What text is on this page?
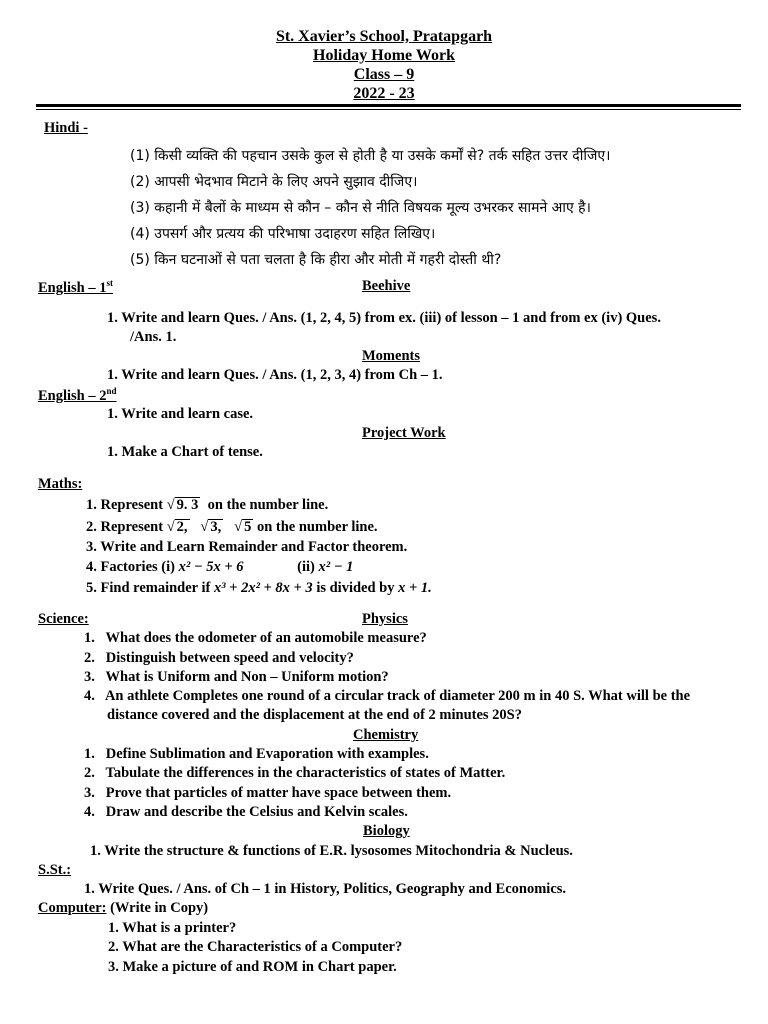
St. Xavier’s School, Pratapgarh
Holiday Home Work
Class – 9
2022 - 23
Hindi -
(1) किसी व्यक्ति की पहचान उसके कुल से होती है या उसके कर्मों से? तर्क सहित उत्तर दीजिए।
(2) आपसी भेदभाव मिटाने के लिए अपने सुझाव दीजिए।
(3) कहानी में बैलों के माध्यम से कौन – कौन से नीति विषयक मूल्य उभरकर सामने आए है।
(4) उपसर्ग और प्रत्यय की परिभाषा उदाहरण सहित लिखिए।
(5) किन घटनाओं से पता चलता है कि हीरा और मोती में गहरी दोस्ती थी?
English – 1st	Beehive
1. Write and learn Ques. / Ans. (1, 2, 4, 5) from ex. (iii) of lesson – 1 and from ex (iv) Ques.
/Ans. 1.
Moments
1. Write and learn Ques. / Ans. (1, 2, 3, 4) from Ch – 1.
English – 2nd
1. Write and learn case.
Project Work
1. Make a Chart of tense.
Maths:
1. Represent √ 9. 3 on the number line.
2. Represent √ 2,   √ 3,   √ 5 on the number line.
3. Write and Learn Remainder and Factor theorem.
4. Factories (i) x² − 5x + 6	(ii) x² − 1
5. Find remainder if x³ + 2x² + 8x + 3 is divided by x + 1.
Science:	Physics
1.   What does the odometer of an automobile measure?
2.   Distinguish between speed and velocity?
3.   What is Uniform and Non – Uniform motion?
4.   An athlete Completes one round of a circular track of diameter 200 m in 40 S. What will be the
distance covered and the displacement at the end of 2 minutes 20S?
Chemistry
1.   Define Sublimation and Evaporation with examples.
2.   Tabulate the differences in the characteristics of states of Matter.
3.   Prove that particles of matter have space between them.
4.   Draw and describe the Celsius and Kelvin scales.
Biology
1. Write the structure & functions of E.R. lysosomes Mitochondria & Nucleus.
S.St.:
1. Write Ques. / Ans. of Ch – 1 in History, Politics, Geography and Economics.
Computer: (Write in Copy)
1. What is a printer?
2. What are the Characteristics of a Computer?
3. Make a picture of and ROM in Chart paper.
